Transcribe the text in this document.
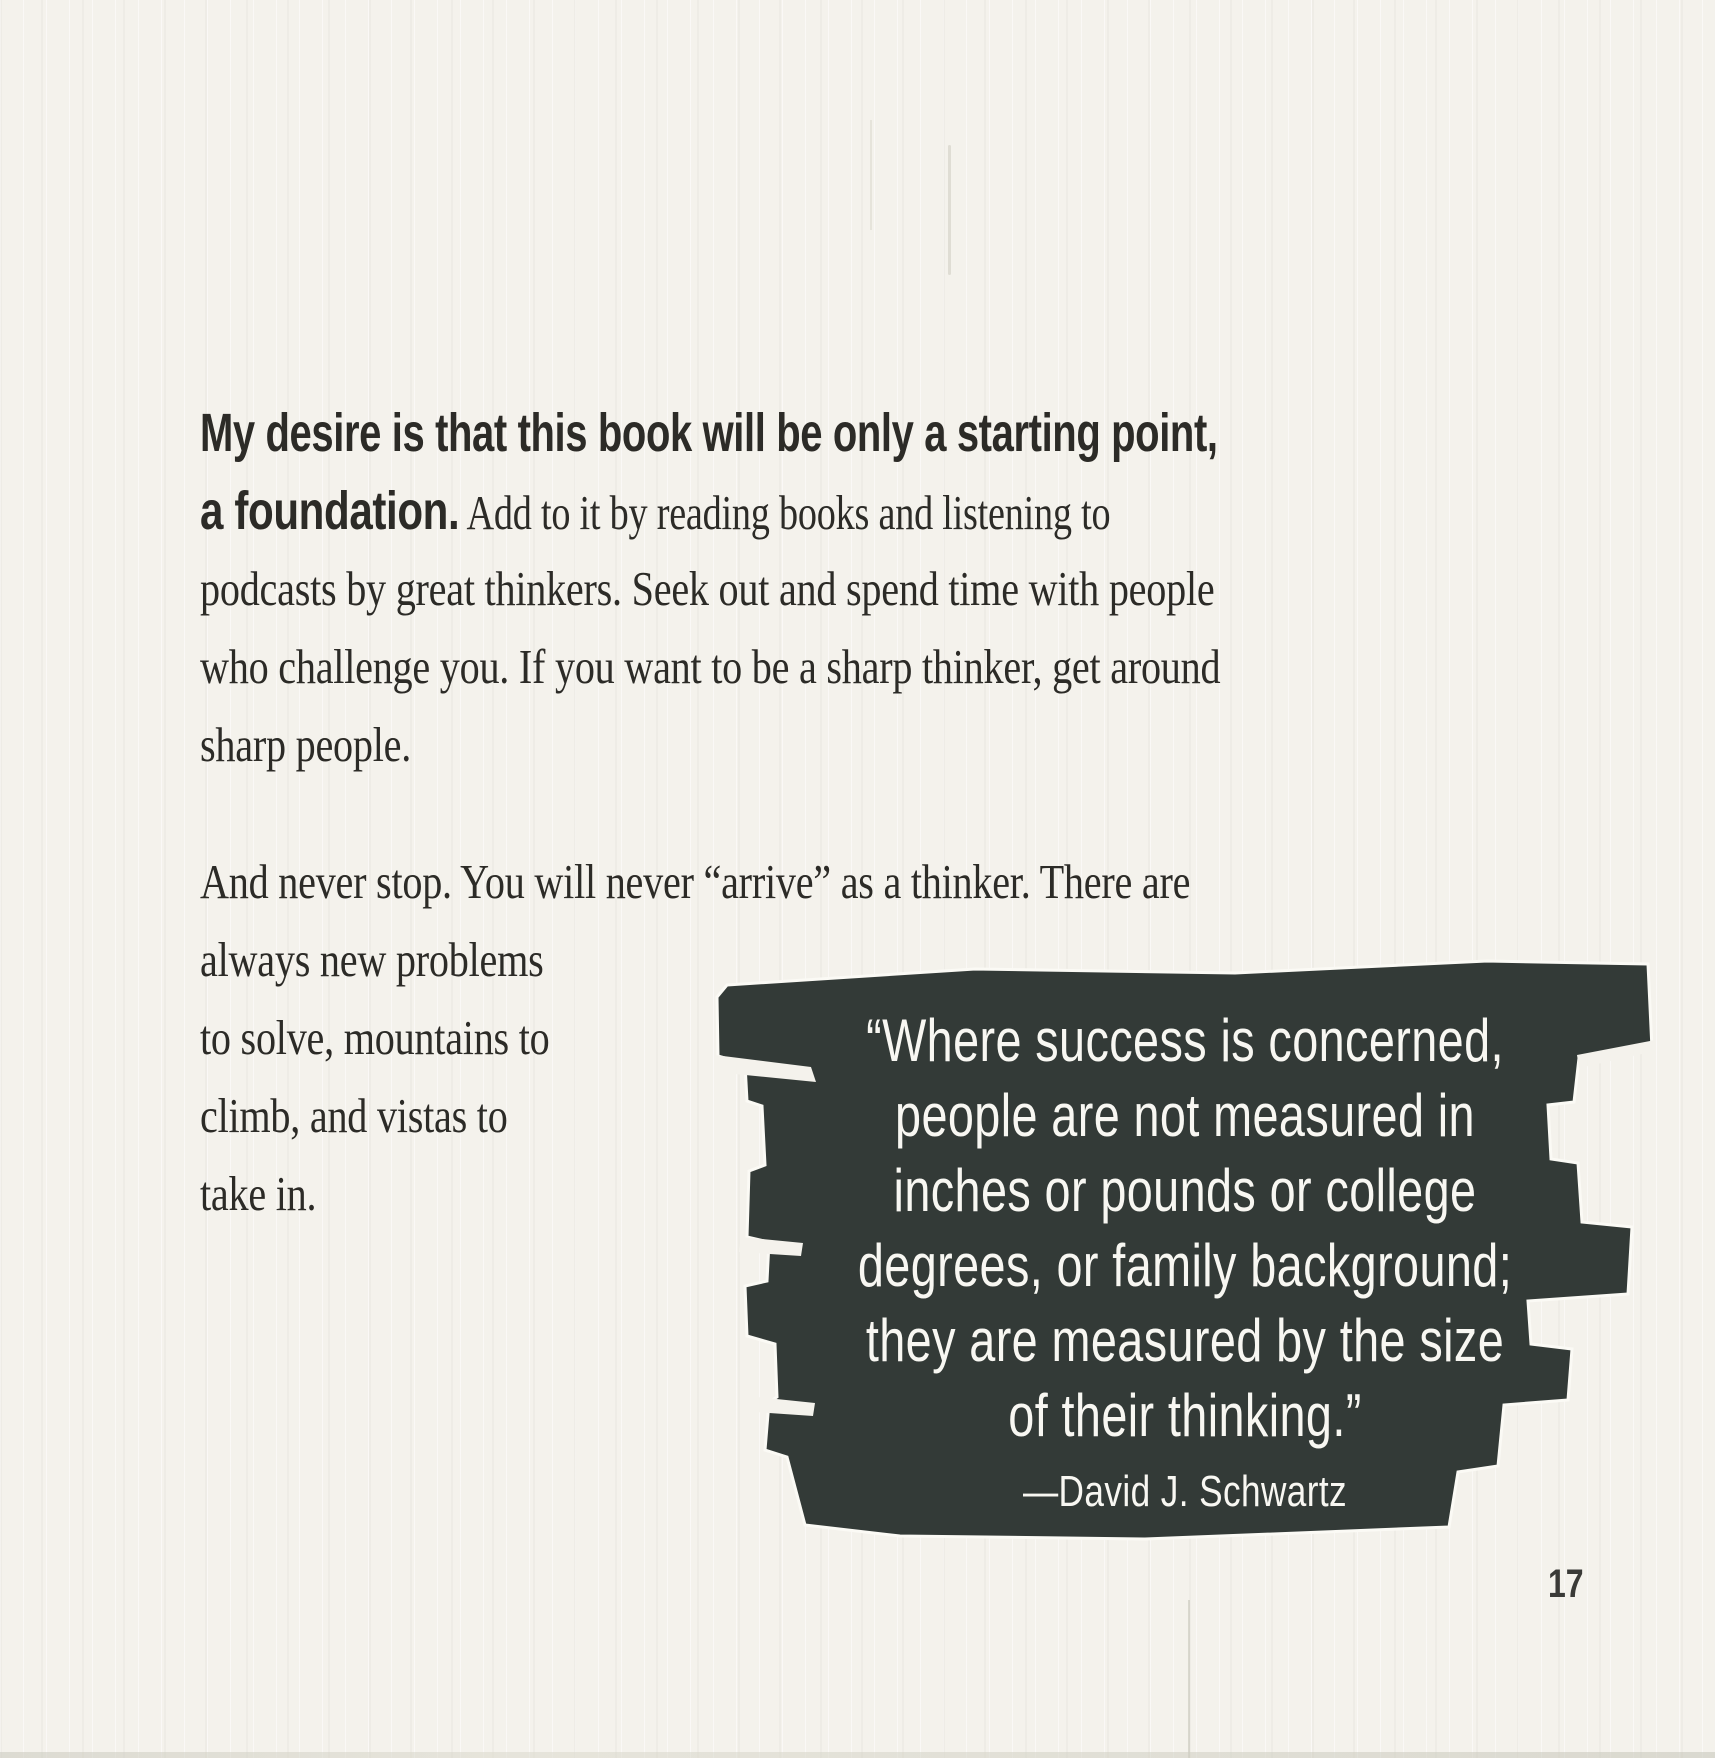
My desire is that this book will be only a starting point,
a foundation. Add to it by reading books and listening to
podcasts by great thinkers. Seek out and spend time with people
who challenge you. If you want to be a sharp thinker, get around
sharp people.
And never stop. You will never “arrive” as a thinker. There are
always new problems
to solve, mountains to
climb, and vistas to
take in.
“Where success is concerned,
people are not measured in
inches or pounds or college
degrees, or family background;
they are measured by the size
of their thinking.”
—David J. Schwartz
17
